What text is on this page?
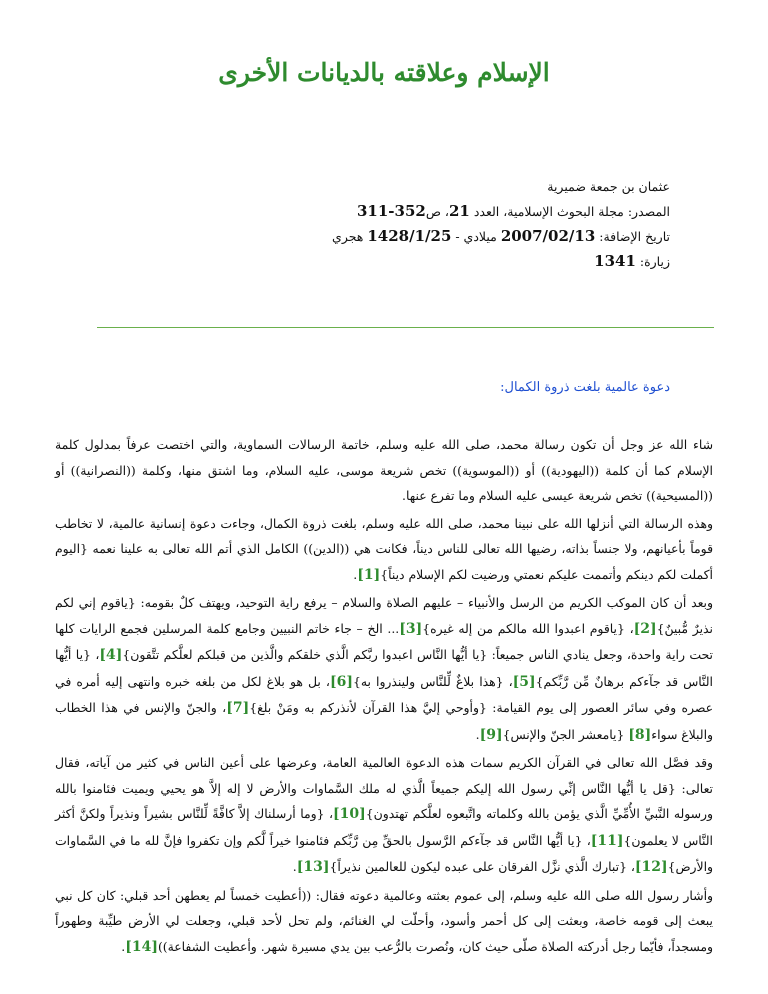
الإسلام وعلاقته بالديانات الأخرى
عثمان بن جمعة ضميرية
المصدر: مجلة البحوث الإسلامية، العدد 21، ص311-352
تاريخ الإضافة: 2007/02/13 ميلادي - 1428/1/25 هجري
زيارة: 1341
دعوة عالمية بلغت ذروة الكمال:

شاء الله عز وجل أن تكون رسالة محمد، صلى الله عليه وسلم، خاتمة الرسالات السماوية، والتي اختصت عرفاً بمدلول كلمة الإسلام كما أن كلمة ((اليهودية)) أو ((الموسوية)) تخص شريعة موسى، عليه السلام، وما اشتق منها، وكلمة ((النصرانية)) أو ((المسيحية)) تخص شريعة عيسى عليه السلام وما تفرع عنها.

وهذه الرسالة التي أنزلها الله على نبينا محمد، صلى الله عليه وسلم، بلغت ذروة الكمال، وجاءت دعوة إنسانية عالمية، لا تخاطب قوماً بأعيانهم، ولا جنساً بذاته، رضيها الله تعالى للناس ديناً، فكانت هي ((الدين)) الكامل الذي أتم الله تعالى به علينا نعمه {اليوم أكملت لكم دينكم وأتممت عليكم نعمتي ورضيت لكم الإسلام ديناً}[1].

وبعد أن كان الموكب الكريم من الرسل والأنبياء – عليهم الصلاة والسلام – يرفع راية التوحيد، ويهتف كلٌ بقومه: {ياقوم إني لكم نذيرٌ مُّبينٌ}[2]، {ياقوم اعبدوا الله مالكم من إله غيره}[3]... الخ – جاء خاتم النبيين وجامع كلمة المرسلين فجمع الرايات كلها تحت راية واحدة، وجعل ينادي الناس جميعاً: {يا أيُّها النَّاس اعبدوا ربَّكم الَّذي خلقكم والَّذين من قبلكم لعلَّكم تتَّقون}[4]، {يا أيُّها النَّاس قد جآءكم برهانٌ مِّن رَّبِّكم}[5]، {هذا بلاغٌ لِّلنَّاس ولينذروا به}[6]، بل هو بلاغ لكل من بلغه خبره وانتهى إليه أمره في عصره وفي سائر العصور إلى يوم القيامة: {وأوحي إليَّ هذا القرآن لأنذركم به ومَنْ بلغ}[7]، والجنّ والإنس في هذا الخطاب والبلاغ سواء[8] {يامعشر الجنّ والإنس}[9].

وقد فصَّل الله تعالى في القرآن الكريم سمات هذه الدعوة العالمية العامة، وعرضها على أعين الناس في كثير من آياته، فقال تعالى: {قل يا أيُّها النَّاس إنِّي رسول الله إليكم جميعاً الَّذي له ملك السَّماوات والأرض لا إله إلاَّ هو يحيي ويميت فئامنوا بالله ورسوله النَّبيِّ الأُمِّيِّ الَّذي يؤمن بالله وكلماته واتَّبعوه لعلَّكم تهتدون}[10]، {وما أرسلناك إلاَّ كافَّةً لِّلنَّاس بشيراً ونذيراً ولكنَّ أكثر النَّاس لا يعلمون}[11]، {يا أيُّها النَّاس قد جآءكم الرَّسول بالحقِّ مِن رَّبِّكم فئامنوا خيراً لَّكم وإن تكفروا فإنَّ لله ما في السَّماوات والأرض}[12]، {تبارك الَّذي نزَّل الفرقان على عبده ليكون للعالمين نذيراً}[13].

وأشار رسول الله صلى الله عليه وسلم، إلى عموم بعثته وعالمية دعوته فقال: ((أعطيت خمساً لم يعطهن أحد قبلي: كان كل نبي يبعث إلى قومه خاصة، وبعثت إلى كل أحمر وأسود، وأحلّت لي الغنائم، ولم تحل لأحد قبلي، وجعلت لي الأرض طيِّبة وطهوراً ومسجداً، فأيّما رجل أدركته الصلاة صلّى حيث كان، ونُصرت بالرُّعب بين يدي مسيرة شهر. وأعطيت الشفاعة))[14].
